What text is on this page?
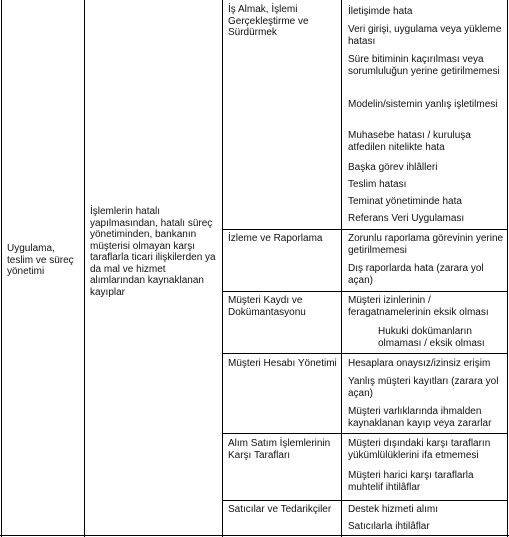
Uygulama, teslim ve süreç yönetimi
İşlemlerin hatalı yapılmasından, hatalı süreç yönetiminden, bankanın müşterisi olmayan karşı taraflarla ticari ilişkilerden ya da mal ve hizmet alımlarından kaynaklanan kayıplar
İş Almak, İşlemi Gerçekleştirme ve Sürdürmek
İzleme ve Raporlama
Müşteri Kaydı ve Dokümantasyonu
Müşteri Hesabı Yönetimi
Alım Satım İşlemlerinin Karşı Tarafları
Satıcılar ve Tedarikçiler
İletişimde hata
Veri girişi, uygulama veya yükleme hatası
Süre bitiminin kaçırılması veya sorumluluğun yerine getirilmemesi
Modelin/sistemin yanlış işletilmesi
Muhasebe hatası / kuruluşa atfedilen nitelikte hata
Başka görev ihlâlleri
Teslim hatası
Teminat yönetiminde hata
Referans Veri Uygulaması
Zorunlu raporlama görevinin yerine getirilmemesi
Dış raporlarda hata (zarara yol açan)
Müşteri izinlerinin / feragatnamelerinin eksik olması
Hukuki dokümanların olmaması / eksik olması
Hesaplara onaysız/izinsiz erişim
Yanlış müşteri kayıtları (zarara yol açan)
Müşteri varlıklarında ihmalden kaynaklanan kayıp veya zararlar
Müşteri dışındaki karşı tarafların yükümlülüklerini ifa etmemesi
Müşteri harici karşı taraflarla muhtelif ihtilâflar
Destek hizmeti alımı
Satıcılarla ihtilâflar
